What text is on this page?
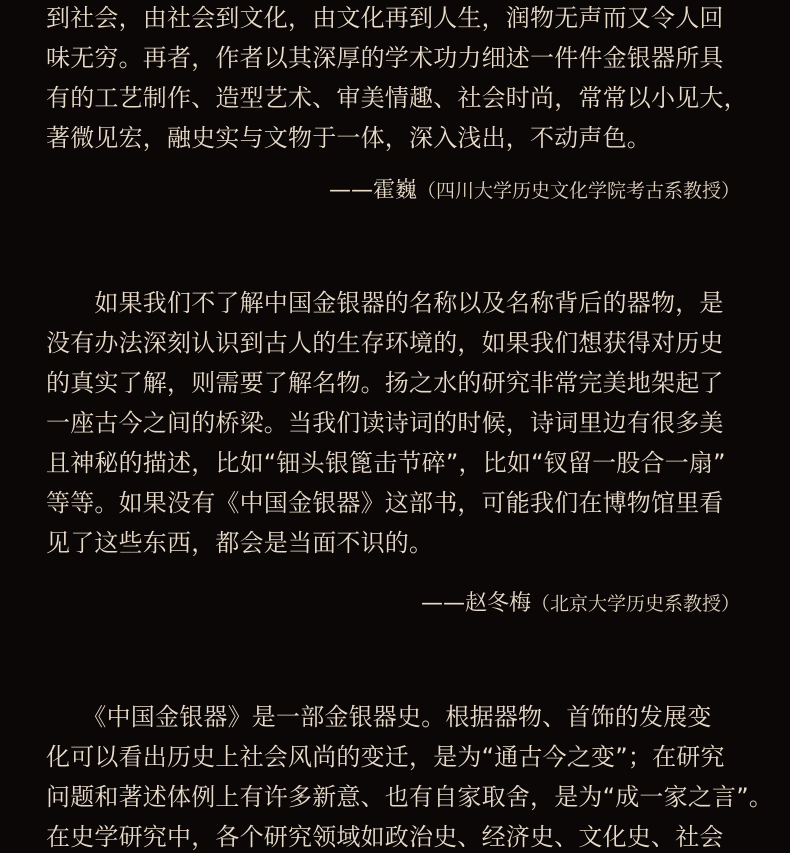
到社会，由社会到文化，由文化再到人生，润物无声而又令人回
味无穷。再者，作者以其深厚的学术功力细述一件件金银器所具
有的工艺制作、造型艺术、审美情趣、社会时尚，常常以小见大，
著微见宏，融史实与文物于一体，深入浅出，不动声色。
——霍巍（四川大学历史文化学院考古系教授）
　　如果我们不了解中国金银器的名称以及名称背后的器物，是
没有办法深刻认识到古人的生存环境的，如果我们想获得对历史
的真实了解，则需要了解名物。扬之水的研究非常完美地架起了
一座古今之间的桥梁。当我们读诗词的时候，诗词里边有很多美
且神秘的描述，比如“钿头银篦击节碎”，比如“钗留一股合一扇”
等等。如果没有《中国金银器》这部书，可能我们在博物馆里看
见了这些东西，都会是当面不识的。
——赵冬梅（北京大学历史系教授）
　　《中国金银器》是一部金银器史。根据器物、首饰的发展变
化可以看出历史上社会风尚的变迁，是为“通古今之变”；在研究
问题和著述体例上有许多新意、也有自家取舍，是为“成一家之言”。
在史学研究中，各个研究领域如政治史、经济史、文化史、社会
